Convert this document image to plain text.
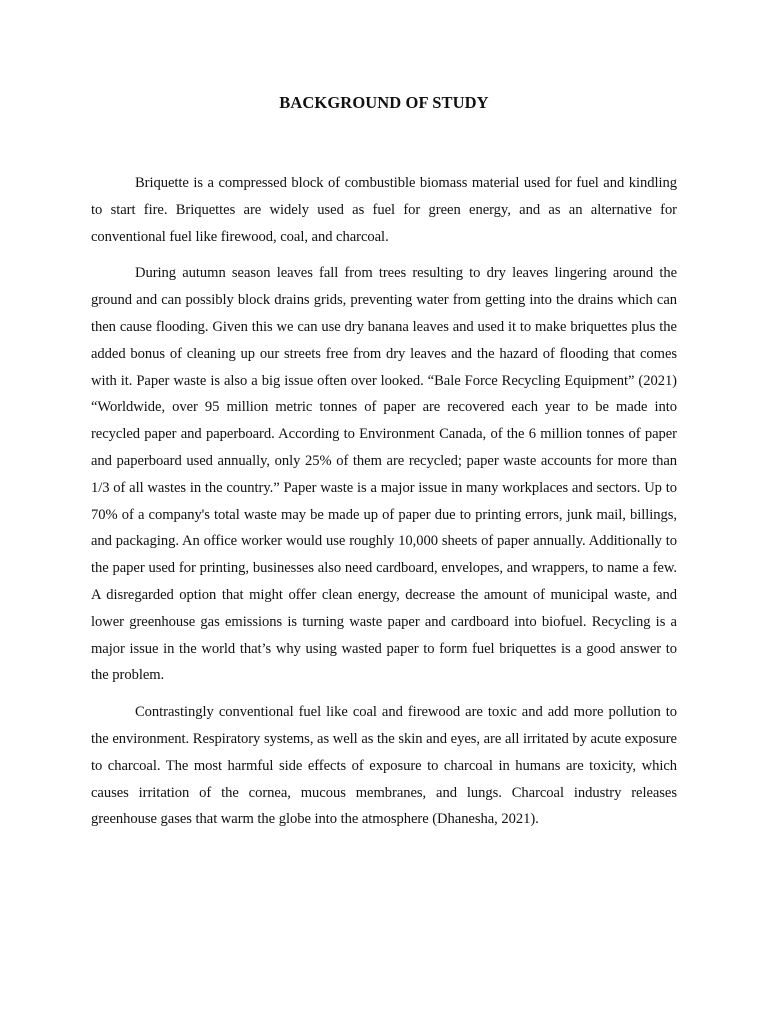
BACKGROUND OF STUDY

Briquette is a compressed block of combustible biomass material used for fuel and kindling to start fire. Briquettes are widely used as fuel for green energy, and as an alternative for conventional fuel like firewood, coal, and charcoal.

During autumn season leaves fall from trees resulting to dry leaves lingering around the ground and can possibly block drains grids, preventing water from getting into the drains which can then cause flooding. Given this we can use dry banana leaves and used it to make briquettes plus the added bonus of cleaning up our streets free from dry leaves and the hazard of flooding that comes with it. Paper waste is also a big issue often over looked. “Bale Force Recycling Equipment” (2021) “Worldwide, over 95 million metric tonnes of paper are recovered each year to be made into recycled paper and paperboard. According to Environment Canada, of the 6 million tonnes of paper and paperboard used annually, only 25% of them are recycled; paper waste accounts for more than 1/3 of all wastes in the country.” Paper waste is a major issue in many workplaces and sectors. Up to 70% of a company's total waste may be made up of paper due to printing errors, junk mail, billings, and packaging. An office worker would use roughly 10,000 sheets of paper annually. Additionally to the paper used for printing, businesses also need cardboard, envelopes, and wrappers, to name a few. A disregarded option that might offer clean energy, decrease the amount of municipal waste, and lower greenhouse gas emissions is turning waste paper and cardboard into biofuel. Recycling is a major issue in the world that’s why using wasted paper to form fuel briquettes is a good answer to the problem.

Contrastingly conventional fuel like coal and firewood are toxic and add more pollution to the environment. Respiratory systems, as well as the skin and eyes, are all irritated by acute exposure to charcoal. The most harmful side effects of exposure to charcoal in humans are toxicity, which causes irritation of the cornea, mucous membranes, and lungs. Charcoal industry releases greenhouse gases that warm the globe into the atmosphere (Dhanesha, 2021).
